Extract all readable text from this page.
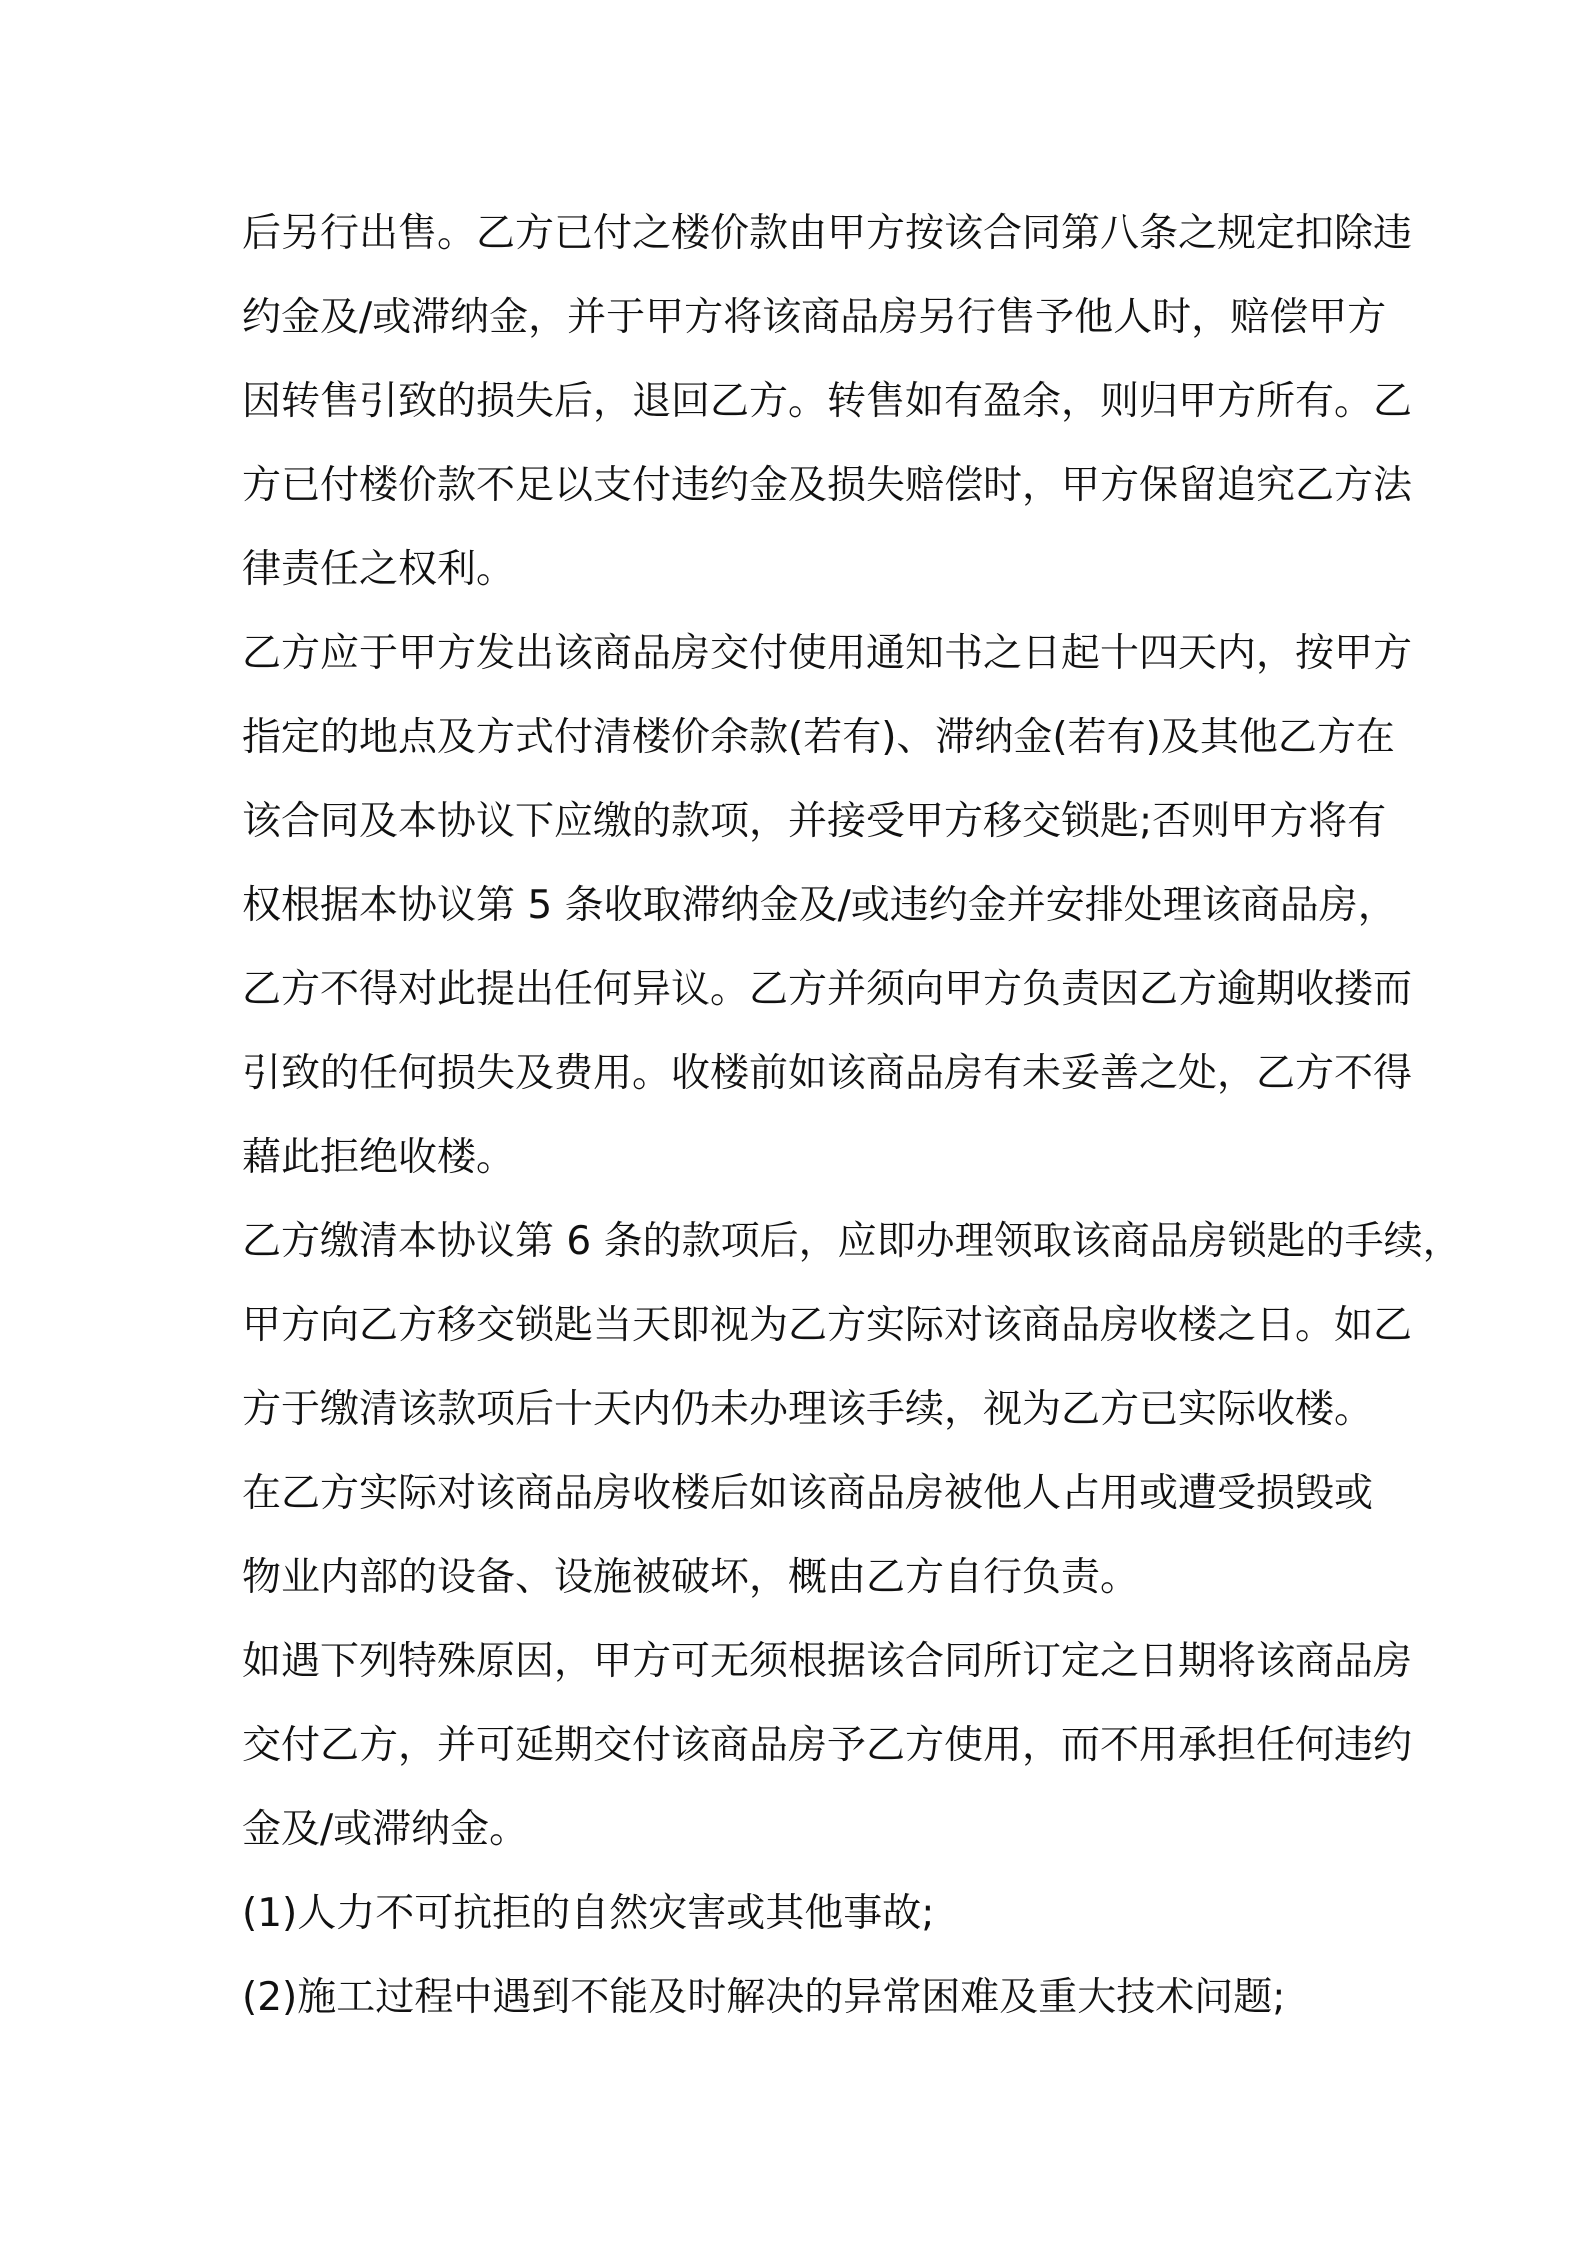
后另行出售。乙方已付之楼价款由甲方按该合同第八条之规定扣除违
约金及/或滞纳金，并于甲方将该商品房另行售予他人时，赔偿甲方
因转售引致的损失后，退回乙方。转售如有盈余，则归甲方所有。乙
方已付楼价款不足以支付违约金及损失赔偿时，甲方保留追究乙方法
律责任之权利。
乙方应于甲方发出该商品房交付使用通知书之日起十四天内，按甲方
指定的地点及方式付清楼价余款(若有)、滞纳金(若有)及其他乙方在
该合同及本协议下应缴的款项，并接受甲方移交锁匙;否则甲方将有
权根据本协议第 5 条收取滞纳金及/或违约金并安排处理该商品房，
乙方不得对此提出任何异议。乙方并须向甲方负责因乙方逾期收搂而
引致的任何损失及费用。收楼前如该商品房有未妥善之处，乙方不得
藉此拒绝收楼。
乙方缴清本协议第 6 条的款项后，应即办理领取该商品房锁匙的手续，
甲方向乙方移交锁匙当天即视为乙方实际对该商品房收楼之日。如乙
方于缴清该款项后十天内仍未办理该手续，视为乙方已实际收楼。
在乙方实际对该商品房收楼后如该商品房被他人占用或遭受损毁或
物业内部的设备、设施被破坏，概由乙方自行负责。
如遇下列特殊原因，甲方可无须根据该合同所订定之日期将该商品房
交付乙方，并可延期交付该商品房予乙方使用，而不用承担任何违约
金及/或滞纳金。
(1)人力不可抗拒的自然灾害或其他事故;
(2)施工过程中遇到不能及时解决的异常困难及重大技术问题;
